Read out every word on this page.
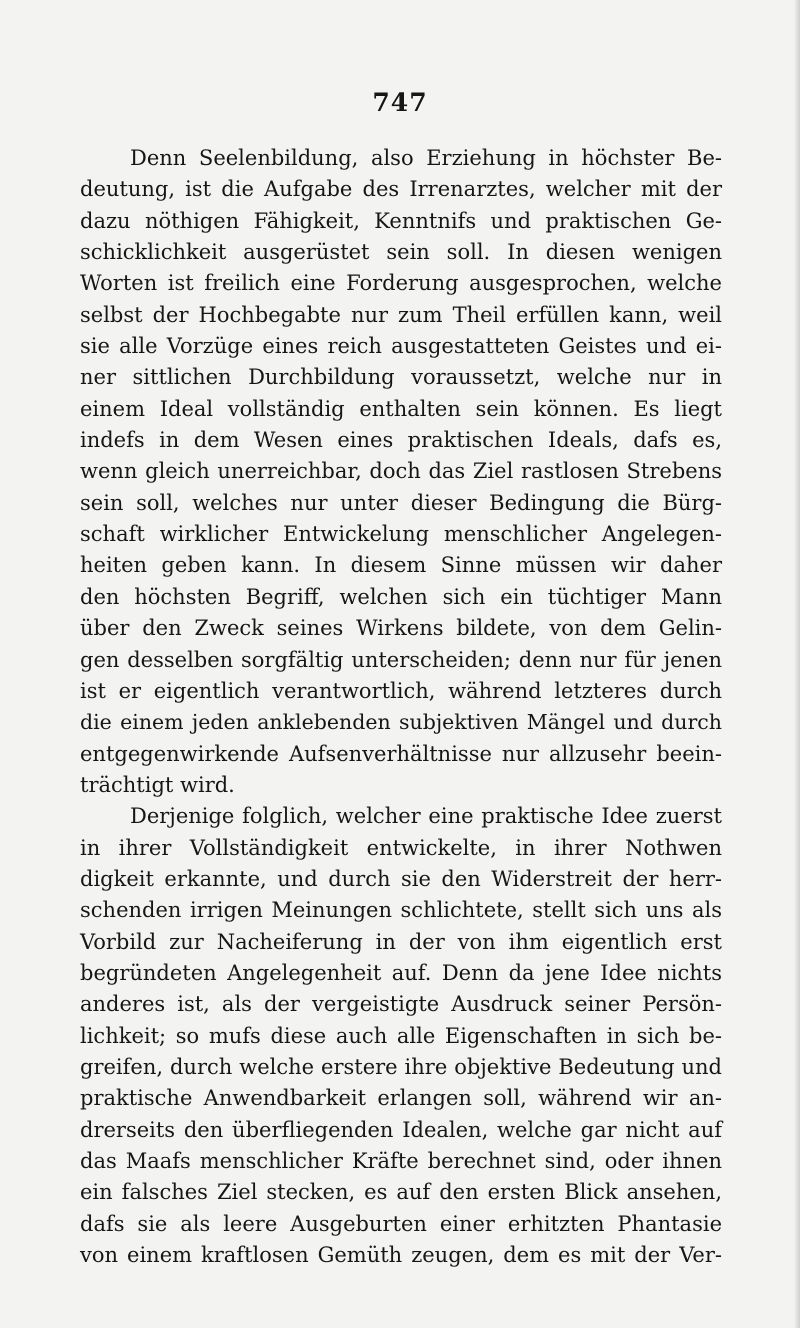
747
Denn Seelenbildung, also Erziehung in höchster Be-
deutung, ist die Aufgabe des Irrenarztes, welcher mit der
dazu nöthigen Fähigkeit, Kenntnifs und praktischen Ge-
schicklichkeit ausgerüstet sein soll. In diesen wenigen
Worten ist freilich eine Forderung ausgesprochen, welche
selbst der Hochbegabte nur zum Theil erfüllen kann, weil
sie alle Vorzüge eines reich ausgestatteten Geistes und ei-
ner sittlichen Durchbildung voraussetzt, welche nur in
einem Ideal vollständig enthalten sein können. Es liegt
indefs in dem Wesen eines praktischen Ideals, dafs es,
wenn gleich unerreichbar, doch das Ziel rastlosen Strebens
sein soll, welches nur unter dieser Bedingung die Bürg-
schaft wirklicher Entwickelung menschlicher Angelegen-
heiten geben kann. In diesem Sinne müssen wir daher
den höchsten Begriff, welchen sich ein tüchtiger Mann
über den Zweck seines Wirkens bildete, von dem Gelin-
gen desselben sorgfältig unterscheiden; denn nur für jenen
ist er eigentlich verantwortlich, während letzteres durch
die einem jeden anklebenden subjektiven Mängel und durch
entgegenwirkende Aufsenverhältnisse nur allzusehr beein-
trächtigt wird.
Derjenige folglich, welcher eine praktische Idee zuerst
in ihrer Vollständigkeit entwickelte, in ihrer Nothwen
digkeit erkannte, und durch sie den Widerstreit der herr-
schenden irrigen Meinungen schlichtete, stellt sich uns als
Vorbild zur Nacheiferung in der von ihm eigentlich erst
begründeten Angelegenheit auf. Denn da jene Idee nichts
anderes ist, als der vergeistigte Ausdruck seiner Persön-
lichkeit; so mufs diese auch alle Eigenschaften in sich be-
greifen, durch welche erstere ihre objektive Bedeutung und
praktische Anwendbarkeit erlangen soll, während wir an-
drerseits den überfliegenden Idealen, welche gar nicht auf
das Maafs menschlicher Kräfte berechnet sind, oder ihnen
ein falsches Ziel stecken, es auf den ersten Blick ansehen,
dafs sie als leere Ausgeburten einer erhitzten Phantasie
von einem kraftlosen Gemüth zeugen, dem es mit der Ver-
